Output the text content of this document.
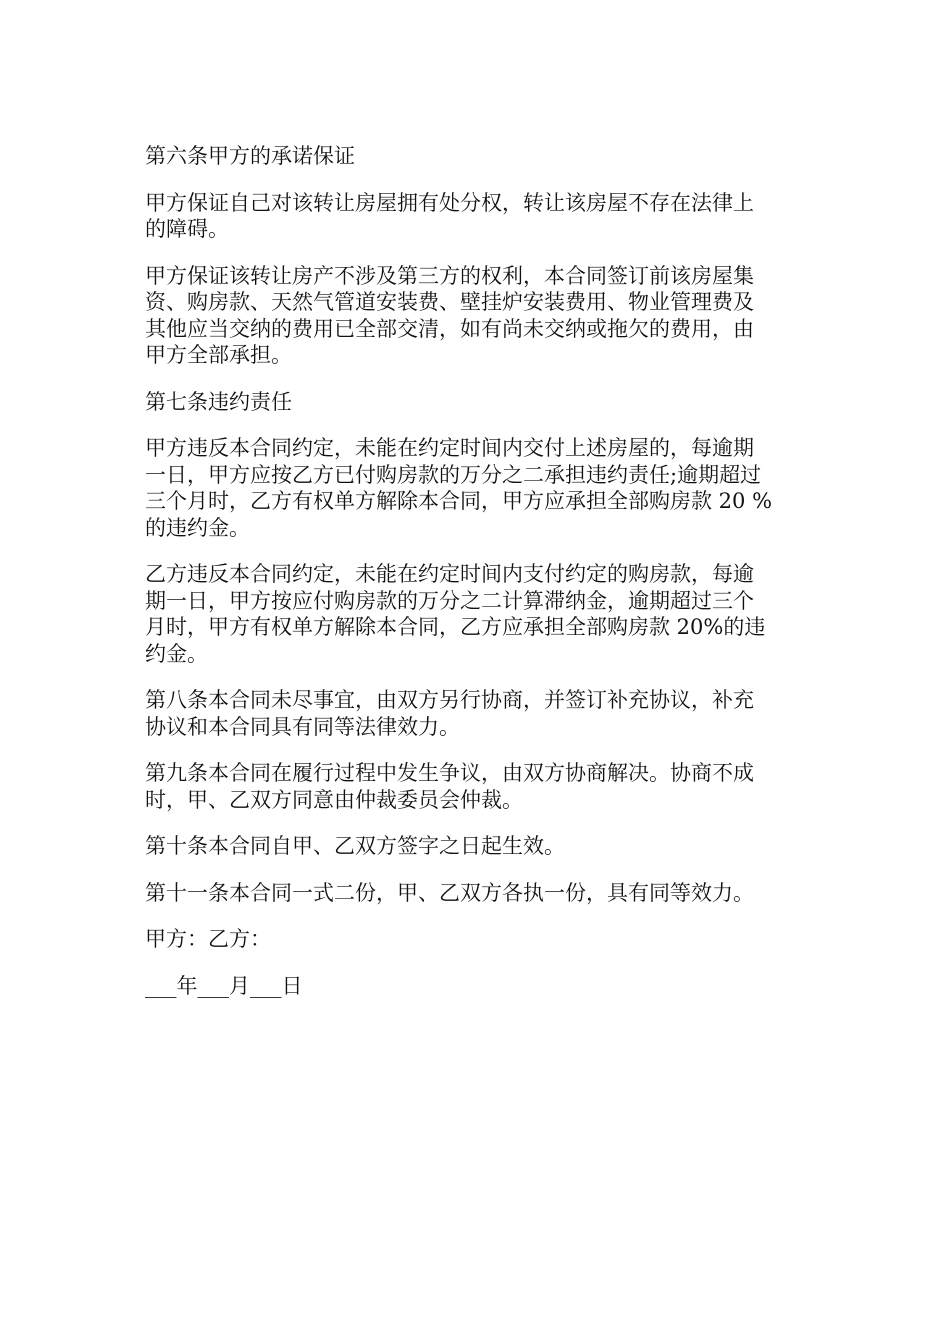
第六条甲方的承诺保证

甲方保证自己对该转让房屋拥有处分权，转让该房屋不存在法律上
的障碍。

甲方保证该转让房产不涉及第三方的权利，本合同签订前该房屋集
资、购房款、天然气管道安装费、壁挂炉安装费用、物业管理费及
其他应当交纳的费用已全部交清，如有尚未交纳或拖欠的费用，由
甲方全部承担。

第七条违约责任

甲方违反本合同约定，未能在约定时间内交付上述房屋的，每逾期
一日，甲方应按乙方已付购房款的万分之二承担违约责任;逾期超过
三个月时，乙方有权单方解除本合同，甲方应承担全部购房款 20 %
的违约金。

乙方违反本合同约定，未能在约定时间内支付约定的购房款，每逾
期一日，甲方按应付购房款的万分之二计算滞纳金，逾期超过三个
月时，甲方有权单方解除本合同，乙方应承担全部购房款 20%的违
约金。

第八条本合同未尽事宜，由双方另行协商，并签订补充协议，补充
协议和本合同具有同等法律效力。

第九条本合同在履行过程中发生争议，由双方协商解决。协商不成
时，甲、乙双方同意由仲裁委员会仲裁。

第十条本合同自甲、乙双方签字之日起生效。

第十一条本合同一式二份，甲、乙双方各执一份，具有同等效力。

甲方：乙方：

___年___月___日
